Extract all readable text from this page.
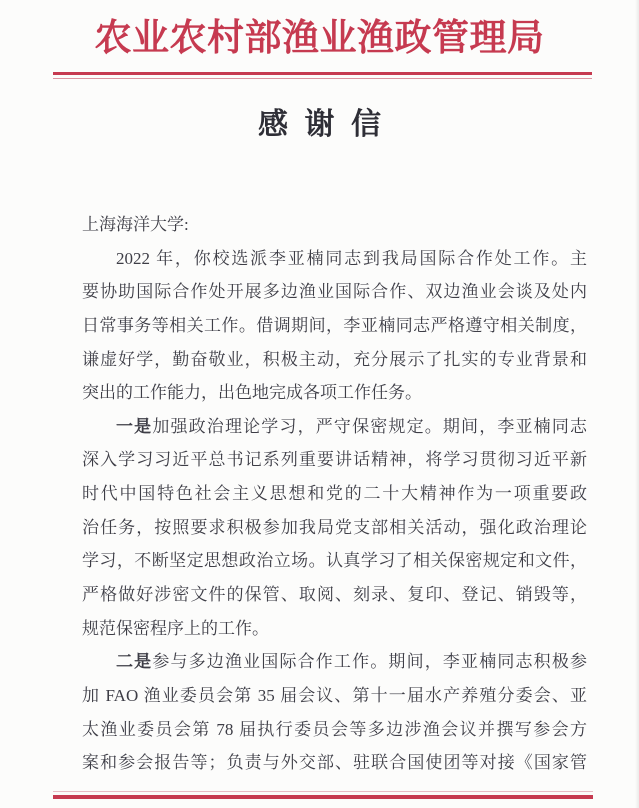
农业农村部渔业渔政管理局
感 谢 信
上海海洋大学:
2022 年，你校选派李亚楠同志到我局国际合作处工作。主
要协助国际合作处开展多边渔业国际合作、双边渔业会谈及处内
日常事务等相关工作。借调期间，李亚楠同志严格遵守相关制度，
谦虚好学，勤奋敬业，积极主动，充分展示了扎实的专业背景和
突出的工作能力，出色地完成各项工作任务。
一是加强政治理论学习，严守保密规定。期间，李亚楠同志
深入学习习近平总书记系列重要讲话精神，将学习贯彻习近平新
时代中国特色社会主义思想和党的二十大精神作为一项重要政
治任务，按照要求积极参加我局党支部相关活动，强化政治理论
学习，不断坚定思想政治立场。认真学习了相关保密规定和文件，
严格做好涉密文件的保管、取阅、刻录、复印、登记、销毁等，
规范保密程序上的工作。
二是参与多边渔业国际合作工作。期间，李亚楠同志积极参
加 FAO 渔业委员会第 35 届会议、第十一届水产养殖分委会、亚
太渔业委员会第 78 届执行委员会等多边涉渔会议并撰写参会方
案和参会报告等；负责与外交部、驻联合国使团等对接《国家管
